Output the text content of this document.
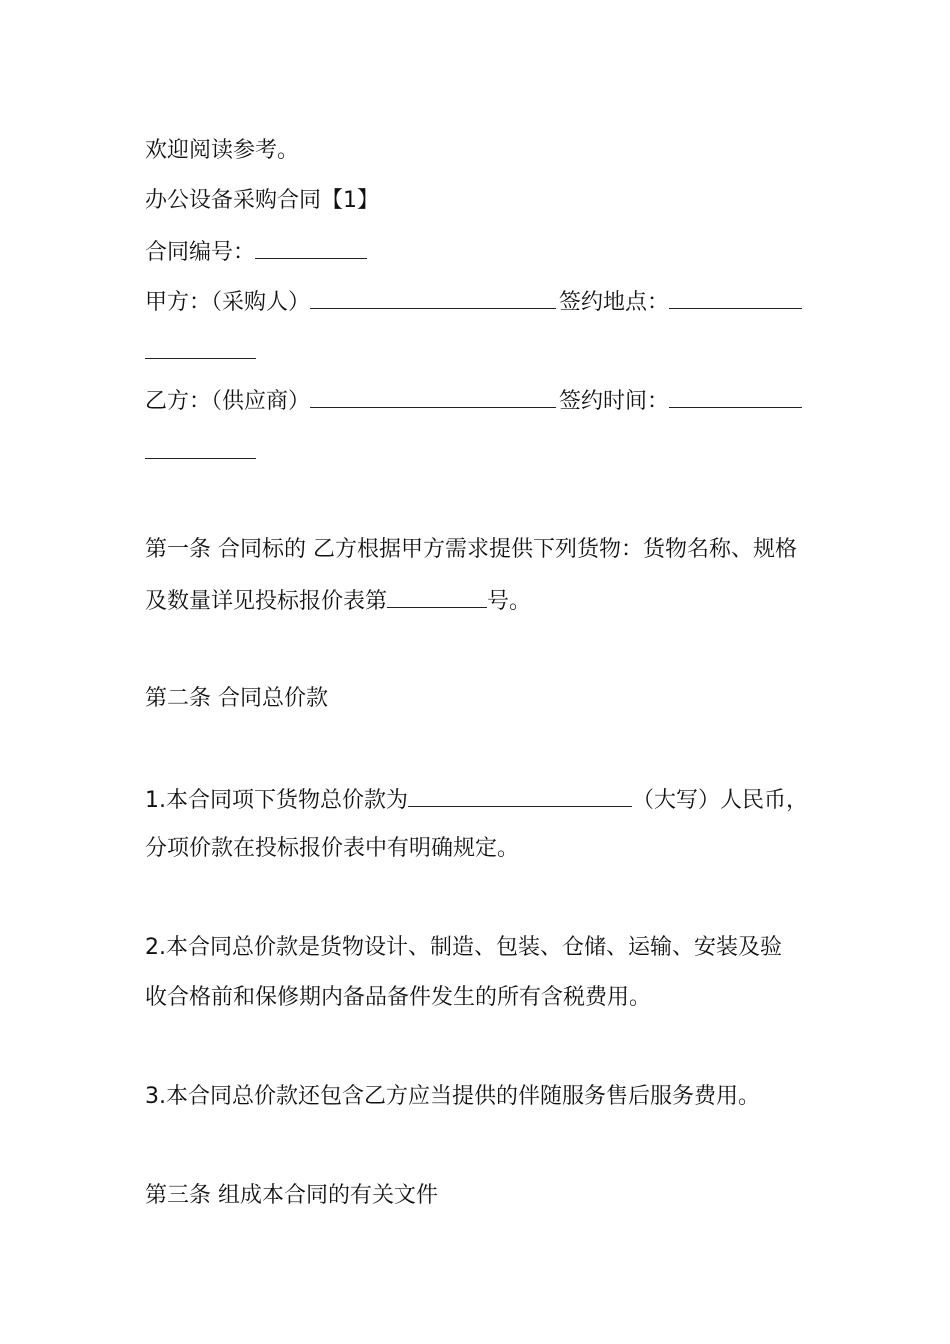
欢迎阅读参考。
办公设备采购合同【1】
合同编号：
甲方：（采购人）	签约地点：
乙方：（供应商）	签约时间：
第一条 合同标的 乙方根据甲方需求提供下列货物：货物名称、规格
及数量详见投标报价表第	号。
第二条 合同总价款
1.本合同项下货物总价款为	（大写）人民币，
分项价款在投标报价表中有明确规定。
2.本合同总价款是货物设计、制造、包装、仓储、运输、安装及验
收合格前和保修期内备品备件发生的所有含税费用。
3.本合同总价款还包含乙方应当提供的伴随服务售后服务费用。
第三条 组成本合同的有关文件
